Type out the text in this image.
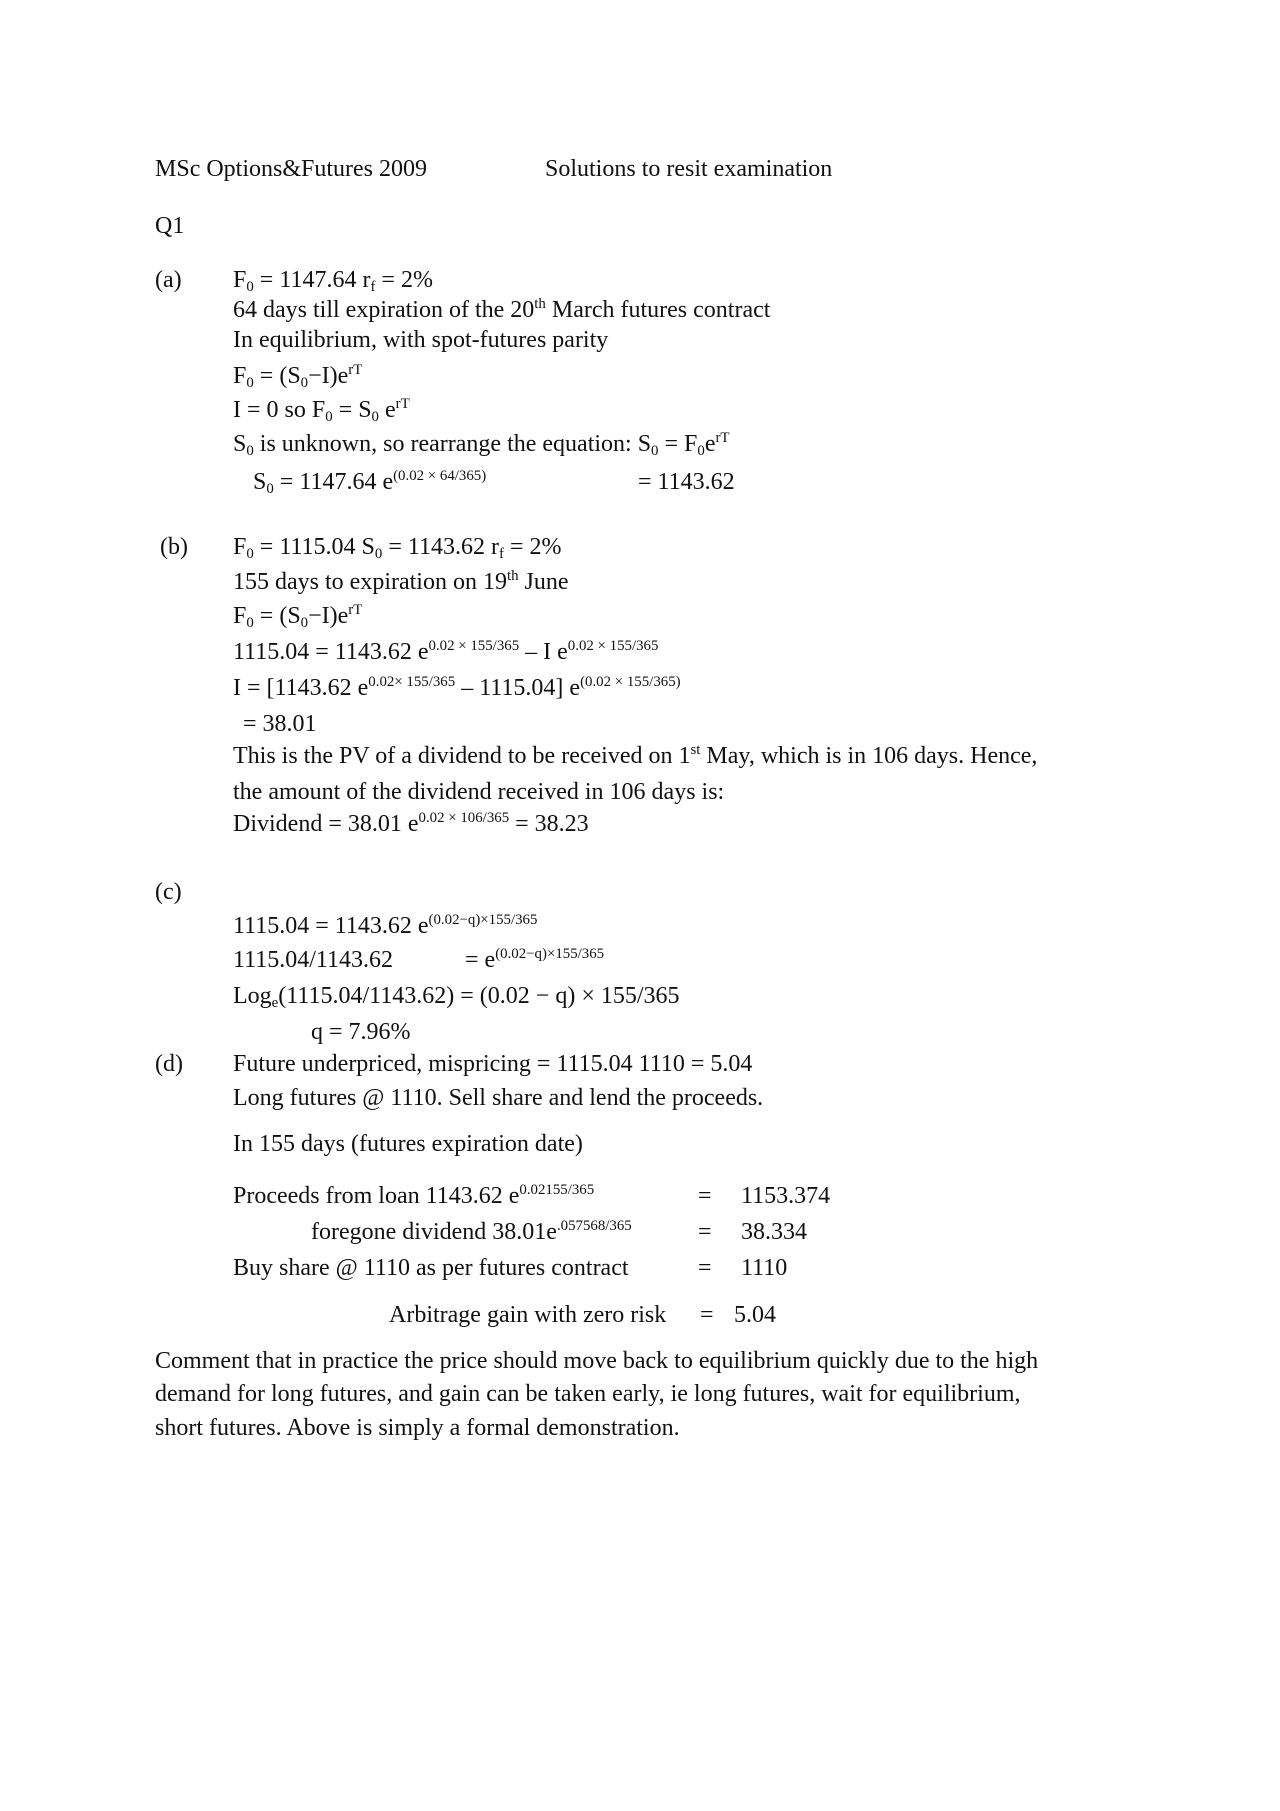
MSc Options&Futures 2009	Solutions to resit examination
Q1
(a) $F_0 = 1147.64$ $r_f = 2\%$
64 days till expiration of the 20th March futures contract
In equilibrium, with spot-futures parity
$F_0 = (S_0-I)e^{rT}$
I = 0 so $F_0 = S_0$ $e^{rT}$
$S_0$ is unknown, so rearrange the equation: $S_0 = F_0e^{rT}$
$S_0 = 1147.64$ $e^{(0.02 \times 64/365)}$	= 1143.62
(b) $F_0 = 1115.04$ $S_0 = 1143.62$ $r_f = 2\%$
155 days to expiration on 19th June
$F_0 = (S_0-I)e^{rT}$
1115.04 = 1143.62 $e^{0.02 \times 155/365}$ – I $e^{0.02 \times 155/365}$
I = [1143.62 $e^{0.02\times 155/365} - 1115.04$] $e^{(0.02 \times 155/365)}$
= 38.01
This is the PV of a dividend to be received on 1st May, which is in 106 days. Hence,
the amount of the dividend received in 106 days is:
Dividend = 38.01 $e^{0.02 \times 106/365} = 38.23$
(c)
1115.04 = 1143.62 $e^{(0.02-q)\times 155/365}$
1115.04/1143.62	= $e^{(0.02-q)\times 155/365}$
Log$_e$(1115.04/1143.62) = (0.02 − q) × 155/365
q = 7.96%
(d) Future underpriced, mispricing = 1115.04 1110 = 5.04
Long futures @ 1110. Sell share and lend the proceeds.
In 155 days (futures expiration date)
Proceeds from loan 1143.62 $e^{0.02155/365}$	= 1153.374
foregone dividend $38.01e^{.057568/365}$	= 38.334
Buy share @ 1110 as per futures contract	= 1110
Arbitrage gain with zero risk = 5.04
Comment that in practice the price should move back to equilibrium quickly due to the high
demand for long futures, and gain can be taken early, ie long futures, wait for equilibrium,
short futures. Above is simply a formal demonstration.
